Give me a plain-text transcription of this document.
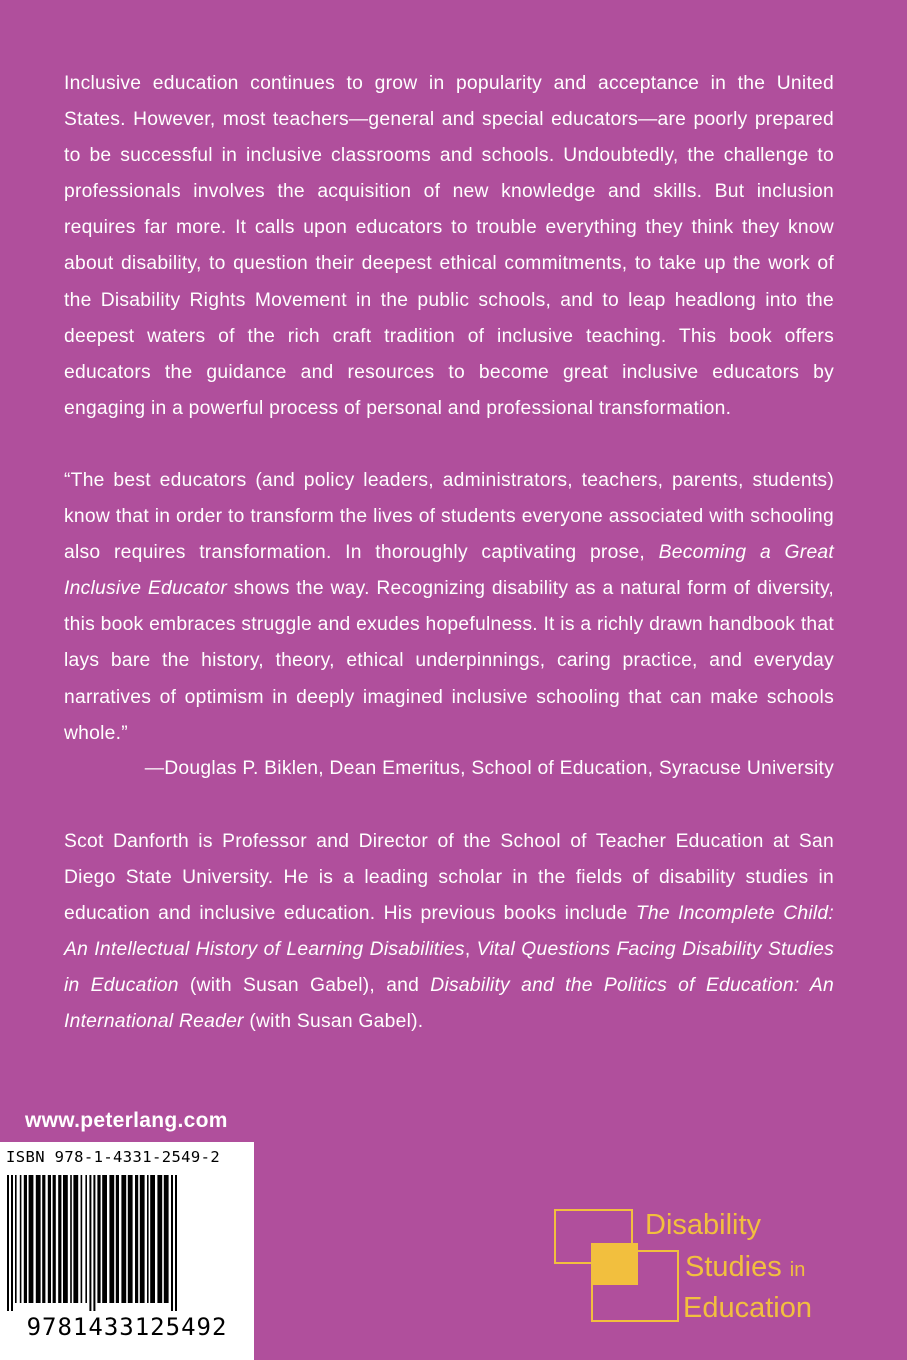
Inclusive education continues to grow in popularity and acceptance in the United States. However, most teachers—general and special educators—are poorly prepared to be successful in inclusive classrooms and schools. Undoubtedly, the challenge to professionals involves the acquisition of new knowledge and skills. But inclusion requires far more. It calls upon educators to trouble everything they think they know about disability, to question their deepest ethical commitments, to take up the work of the Disability Rights Movement in the public schools, and to leap headlong into the deepest waters of the rich craft tradition of inclusive teaching. This book offers educators the guidance and resources to become great inclusive educators by engaging in a powerful process of personal and professional transformation.

“The best educators (and policy leaders, administrators, teachers, parents, students) know that in order to transform the lives of students everyone associated with schooling also requires transformation. In thoroughly captivating prose, Becoming a Great Inclusive Educator shows the way. Recognizing disability as a natural form of diversity, this book embraces struggle and exudes hopefulness. It is a richly drawn handbook that lays bare the history, theory, ethical underpinnings, caring practice, and everyday narratives of optimism in deeply imagined inclusive schooling that can make schools whole.”

—Douglas P. Biklen, Dean Emeritus, School of Education, Syracuse University

Scot Danforth is Professor and Director of the School of Teacher Education at San Diego State University. He is a leading scholar in the fields of disability studies in education and inclusive education. His previous books include The Incomplete Child: An Intellectual History of Learning Disabilities, Vital Questions Facing Disability Studies in Education (with Susan Gabel), and Disability and the Politics of Education: An International Reader (with Susan Gabel).

www.peterlang.com

ISBN 978-1-4331-2549-2

9781433125492

Disability

Studies in

Education
